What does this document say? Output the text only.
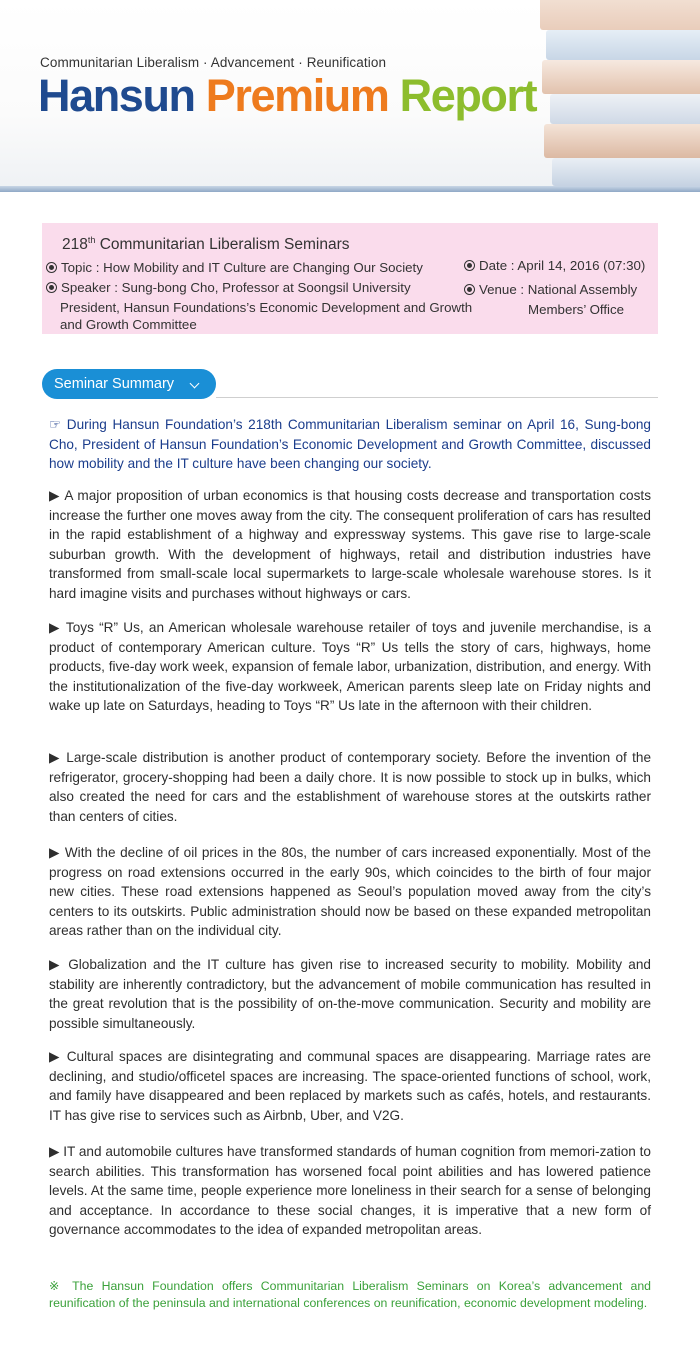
Communitarian Liberalism · Advancement · Reunification
Hansun Premium Report
218th Communitarian Liberalism Seminars
Topic : How Mobility and IT Culture are Changing Our Society
Speaker : Sung-bong Cho, Professor at Soongsil University
President, Hansun Foundations’s Economic Development and Growth
and Growth Committee
Date : April 14, 2016 (07:30)
Venue : National Assembly
Members’ Office
Seminar Summary
☞ During Hansun Foundation’s 218th Communitarian Liberalism seminar on April 16, Sung-bong Cho, President of Hansun Foundation’s Economic Development and Growth Committee, discussed how mobility and the IT culture have been changing our society.
▶ A major proposition of urban economics is that housing costs decrease and transportation costs increase the further one moves away from the city. The consequent proliferation of cars has resulted in the rapid establishment of a highway and expressway systems. This gave rise to large-scale suburban growth. With the development of highways, retail and distribution industries have transformed from small-scale local supermarkets to large-scale wholesale warehouse stores. Is it hard imagine visits and purchases without highways or cars.
▶ Toys “R” Us, an American wholesale warehouse retailer of toys and juvenile merchandise, is a product of contemporary American culture. Toys “R” Us tells the story of cars, highways, home products, five-day work week, expansion of female labor, urbanization, distribution, and energy. With the institutionalization of the five-day workweek, American parents sleep late on Friday nights and wake up late on Saturdays, heading to Toys “R” Us late in the afternoon with their children.
▶ Large-scale distribution is another product of contemporary society. Before the invention of the refrigerator, grocery-shopping had been a daily chore. It is now possible to stock up in bulks, which also created the need for cars and the establishment of warehouse stores at the outskirts rather than centers of cities.
▶ With the decline of oil prices in the 80s, the number of cars increased exponentially. Most of the progress on road extensions occurred in the early 90s, which coincides to the birth of four major new cities. These road extensions happened as Seoul’s population moved away from the city’s centers to its outskirts. Public administration should now be based on these expanded metropolitan areas rather than on the individual city.
▶ Globalization and the IT culture has given rise to increased security to mobility. Mobility and stability are inherently contradictory, but the advancement of mobile communication has resulted in the great revolution that is the possibility of on-the-move communication. Security and mobility are possible simultaneously.
▶ Cultural spaces are disintegrating and communal spaces are disappearing. Marriage rates are declining, and studio/officetel spaces are increasing. The space-oriented functions of school, work, and family have disappeared and been replaced by markets such as cafés, hotels, and restaurants. IT has give rise to services such as Airbnb, Uber, and V2G.
▶ IT and automobile cultures have transformed standards of human cognition from memori-zation to search abilities. This transformation has worsened focal point abilities and has lowered patience levels. At the same time, people experience more loneliness in their search for a sense of belonging and acceptance. In accordance to these social changes, it is imperative that a new form of governance accommodates to the idea of expanded metropolitan areas.
※ The Hansun Foundation offers Communitarian Liberalism Seminars on Korea’s advancement and reunification of the peninsula and international conferences on reunification, economic development modeling.
